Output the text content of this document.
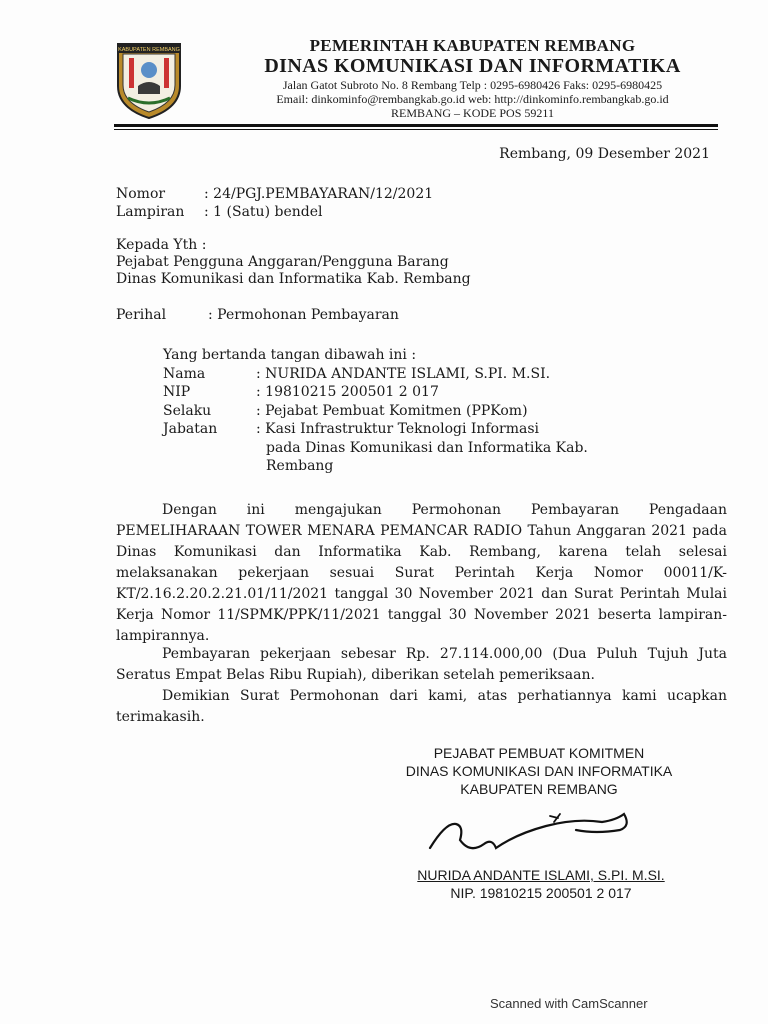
KABUPATEN REMBANG	PEMERINTAH KABUPATEN REMBANG
DINAS KOMUNIKASI DAN INFORMATIKA
Jalan Gatot Subroto No. 8 Rembang Telp : 0295-6980426 Faks: 0295-6980425
Email: dinkominfo@rembangkab.go.id web: http://dinkominfo.rembangkab.go.id
REMBANG – KODE POS 59211
Rembang, 09 Desember 2021
Nomor	: 24/PGJ.PEMBAYARAN/12/2021
Lampiran : 1 (Satu) bendel
Kepada Yth :
Pejabat Pengguna Anggaran/Pengguna Barang
Dinas Komunikasi dan Informatika Kab. Rembang
Perihal	: Permohonan Pembayaran
Yang bertanda tangan dibawah ini :
Nama	: NURIDA ANDANTE ISLAMI, S.PI. M.SI.
NIP	: 19810215 200501 2 017
Selaku	: Pejabat Pembuat Komitmen (PPKom)
Jabatan	: Kasi Infrastruktur Teknologi Informasi
pada Dinas Komunikasi dan Informatika Kab.
Rembang
Dengan ini mengajukan Permohonan Pembayaran Pengadaan PEMELIHARAAN TOWER MENARA PEMANCAR RADIO Tahun Anggaran 2021 pada Dinas Komunikasi dan Informatika Kab. Rembang, karena telah selesai melaksanakan pekerjaan sesuai Surat Perintah Kerja Nomor 00011/K-KT/2.16.2.20.2.21.01/11/2021 tanggal 30 November 2021 dan Surat Perintah Mulai Kerja Nomor 11/SPMK/PPK/11/2021 tanggal 30 November 2021 beserta lampiran-lampirannya.
Pembayaran pekerjaan sebesar Rp. 27.114.000,00 (Dua Puluh Tujuh Juta Seratus Empat Belas Ribu Rupiah), diberikan setelah pemeriksaan.
Demikian Surat Permohonan dari kami, atas perhatiannya kami ucapkan terimakasih.
PEJABAT PEMBUAT KOMITMEN
DINAS KOMUNIKASI DAN INFORMATIKA
KABUPATEN REMBANG
NURIDA ANDANTE ISLAMI, S.PI. M.SI.
NIP. 19810215 200501 2 017
Scanned with CamScanner
